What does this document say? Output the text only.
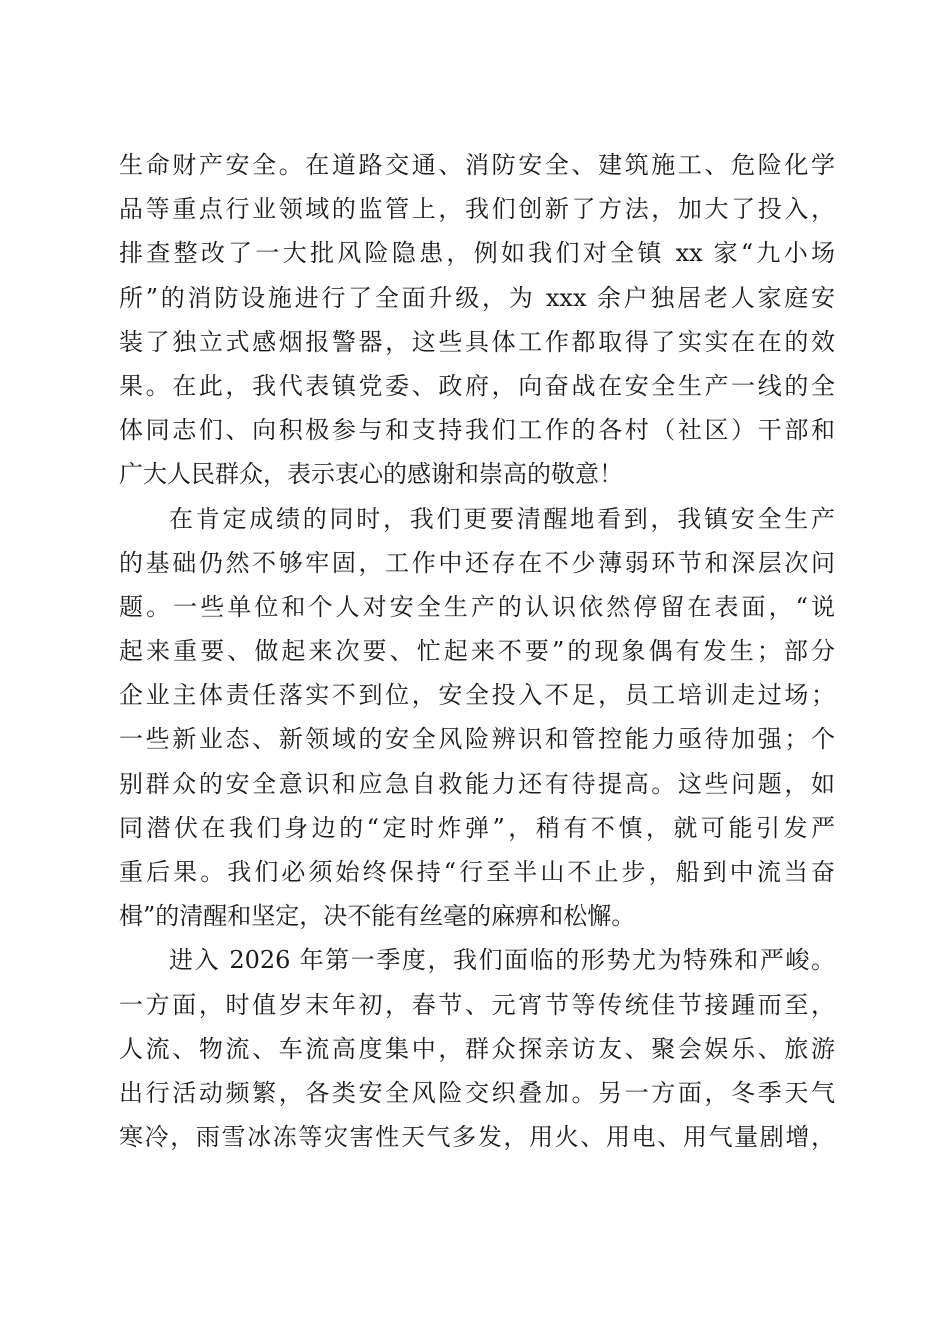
生命财产安全。在道路交通、消防安全、建筑施工、危险化学
品等重点行业领域的监管上，我们创新了方法，加大了投入，
排查整改了一大批风险隐患，例如我们对全镇 xx 家“九小场
所”的消防设施进行了全面升级，为 xxx 余户独居老人家庭安
装了独立式感烟报警器，这些具体工作都取得了实实在在的效
果。在此，我代表镇党委、政府，向奋战在安全生产一线的全
体同志们、向积极参与和支持我们工作的各村（社区）干部和
广大人民群众，表示衷心的感谢和崇高的敬意！
在肯定成绩的同时，我们更要清醒地看到，我镇安全生产
的基础仍然不够牢固，工作中还存在不少薄弱环节和深层次问
题。一些单位和个人对安全生产的认识依然停留在表面，“说
起来重要、做起来次要、忙起来不要”的现象偶有发生；部分
企业主体责任落实不到位，安全投入不足，员工培训走过场；
一些新业态、新领域的安全风险辨识和管控能力亟待加强；个
别群众的安全意识和应急自救能力还有待提高。这些问题，如
同潜伏在我们身边的“定时炸弹”，稍有不慎，就可能引发严
重后果。我们必须始终保持“行至半山不止步，船到中流当奋
楫”的清醒和坚定，决不能有丝毫的麻痹和松懈。
进入 2026 年第一季度，我们面临的形势尤为特殊和严峻。
一方面，时值岁末年初，春节、元宵节等传统佳节接踵而至，
人流、物流、车流高度集中，群众探亲访友、聚会娱乐、旅游
出行活动频繁，各类安全风险交织叠加。另一方面，冬季天气
寒冷，雨雪冰冻等灾害性天气多发，用火、用电、用气量剧增，
